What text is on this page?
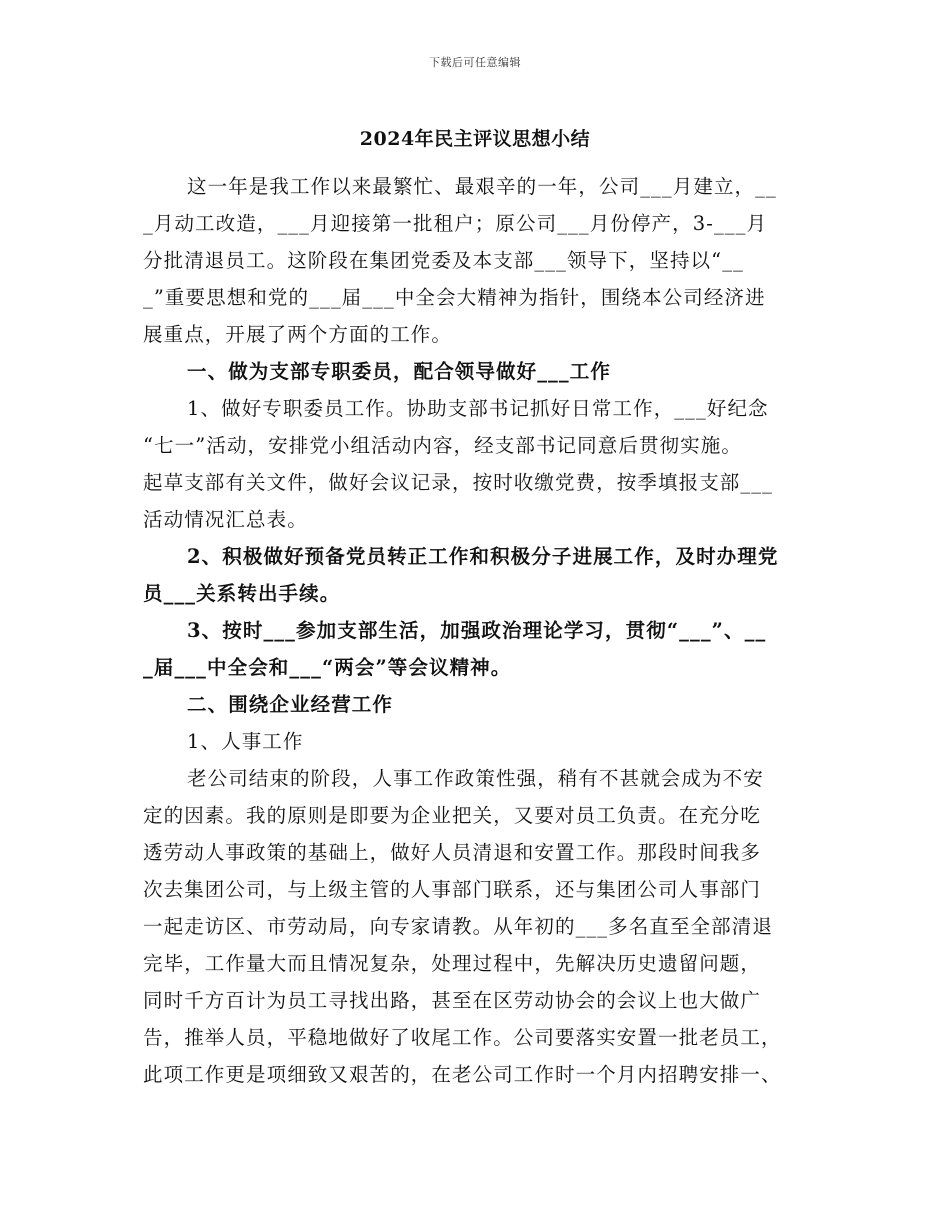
下载后可任意编辑
2024年民主评议思想小结
这一年是我工作以来最繁忙、最艰辛的一年，公司___月建立，__
_月动工改造，___月迎接第一批租户；原公司___月份停产，3-___月
分批清退员工。这阶段在集团党委及本支部___领导下，坚持以“__
_”重要思想和党的___届___中全会大精神为指针，围绕本公司经济进
展重点，开展了两个方面的工作。
一、做为支部专职委员，配合领导做好___工作
1、做好专职委员工作。协助支部书记抓好日常工作，___好纪念
“七一”活动，安排党小组活动内容，经支部书记同意后贯彻实施。
起草支部有关文件，做好会议记录，按时收缴党费，按季填报支部___
活动情况汇总表。
2、积极做好预备党员转正工作和积极分子进展工作，及时办理党
员___关系转出手续。
3、按时___参加支部生活，加强政治理论学习，贯彻“___”、__
_届___中全会和___“两会”等会议精神。
二、围绕企业经营工作
1、人事工作
老公司结束的阶段，人事工作政策性强，稍有不甚就会成为不安
定的因素。我的原则是即要为企业把关，又要对员工负责。在充分吃
透劳动人事政策的基础上，做好人员清退和安置工作。那段时间我多
次去集团公司，与上级主管的人事部门联系，还与集团公司人事部门
一起走访区、市劳动局，向专家请教。从年初的___多名直至全部清退
完毕，工作量大而且情况复杂，处理过程中，先解决历史遗留问题，
同时千方百计为员工寻找出路，甚至在区劳动协会的会议上也大做广
告，推举人员，平稳地做好了收尾工作。公司要落实安置一批老员工，
此项工作更是项细致又艰苦的，在老公司工作时一个月内招聘安排一、
